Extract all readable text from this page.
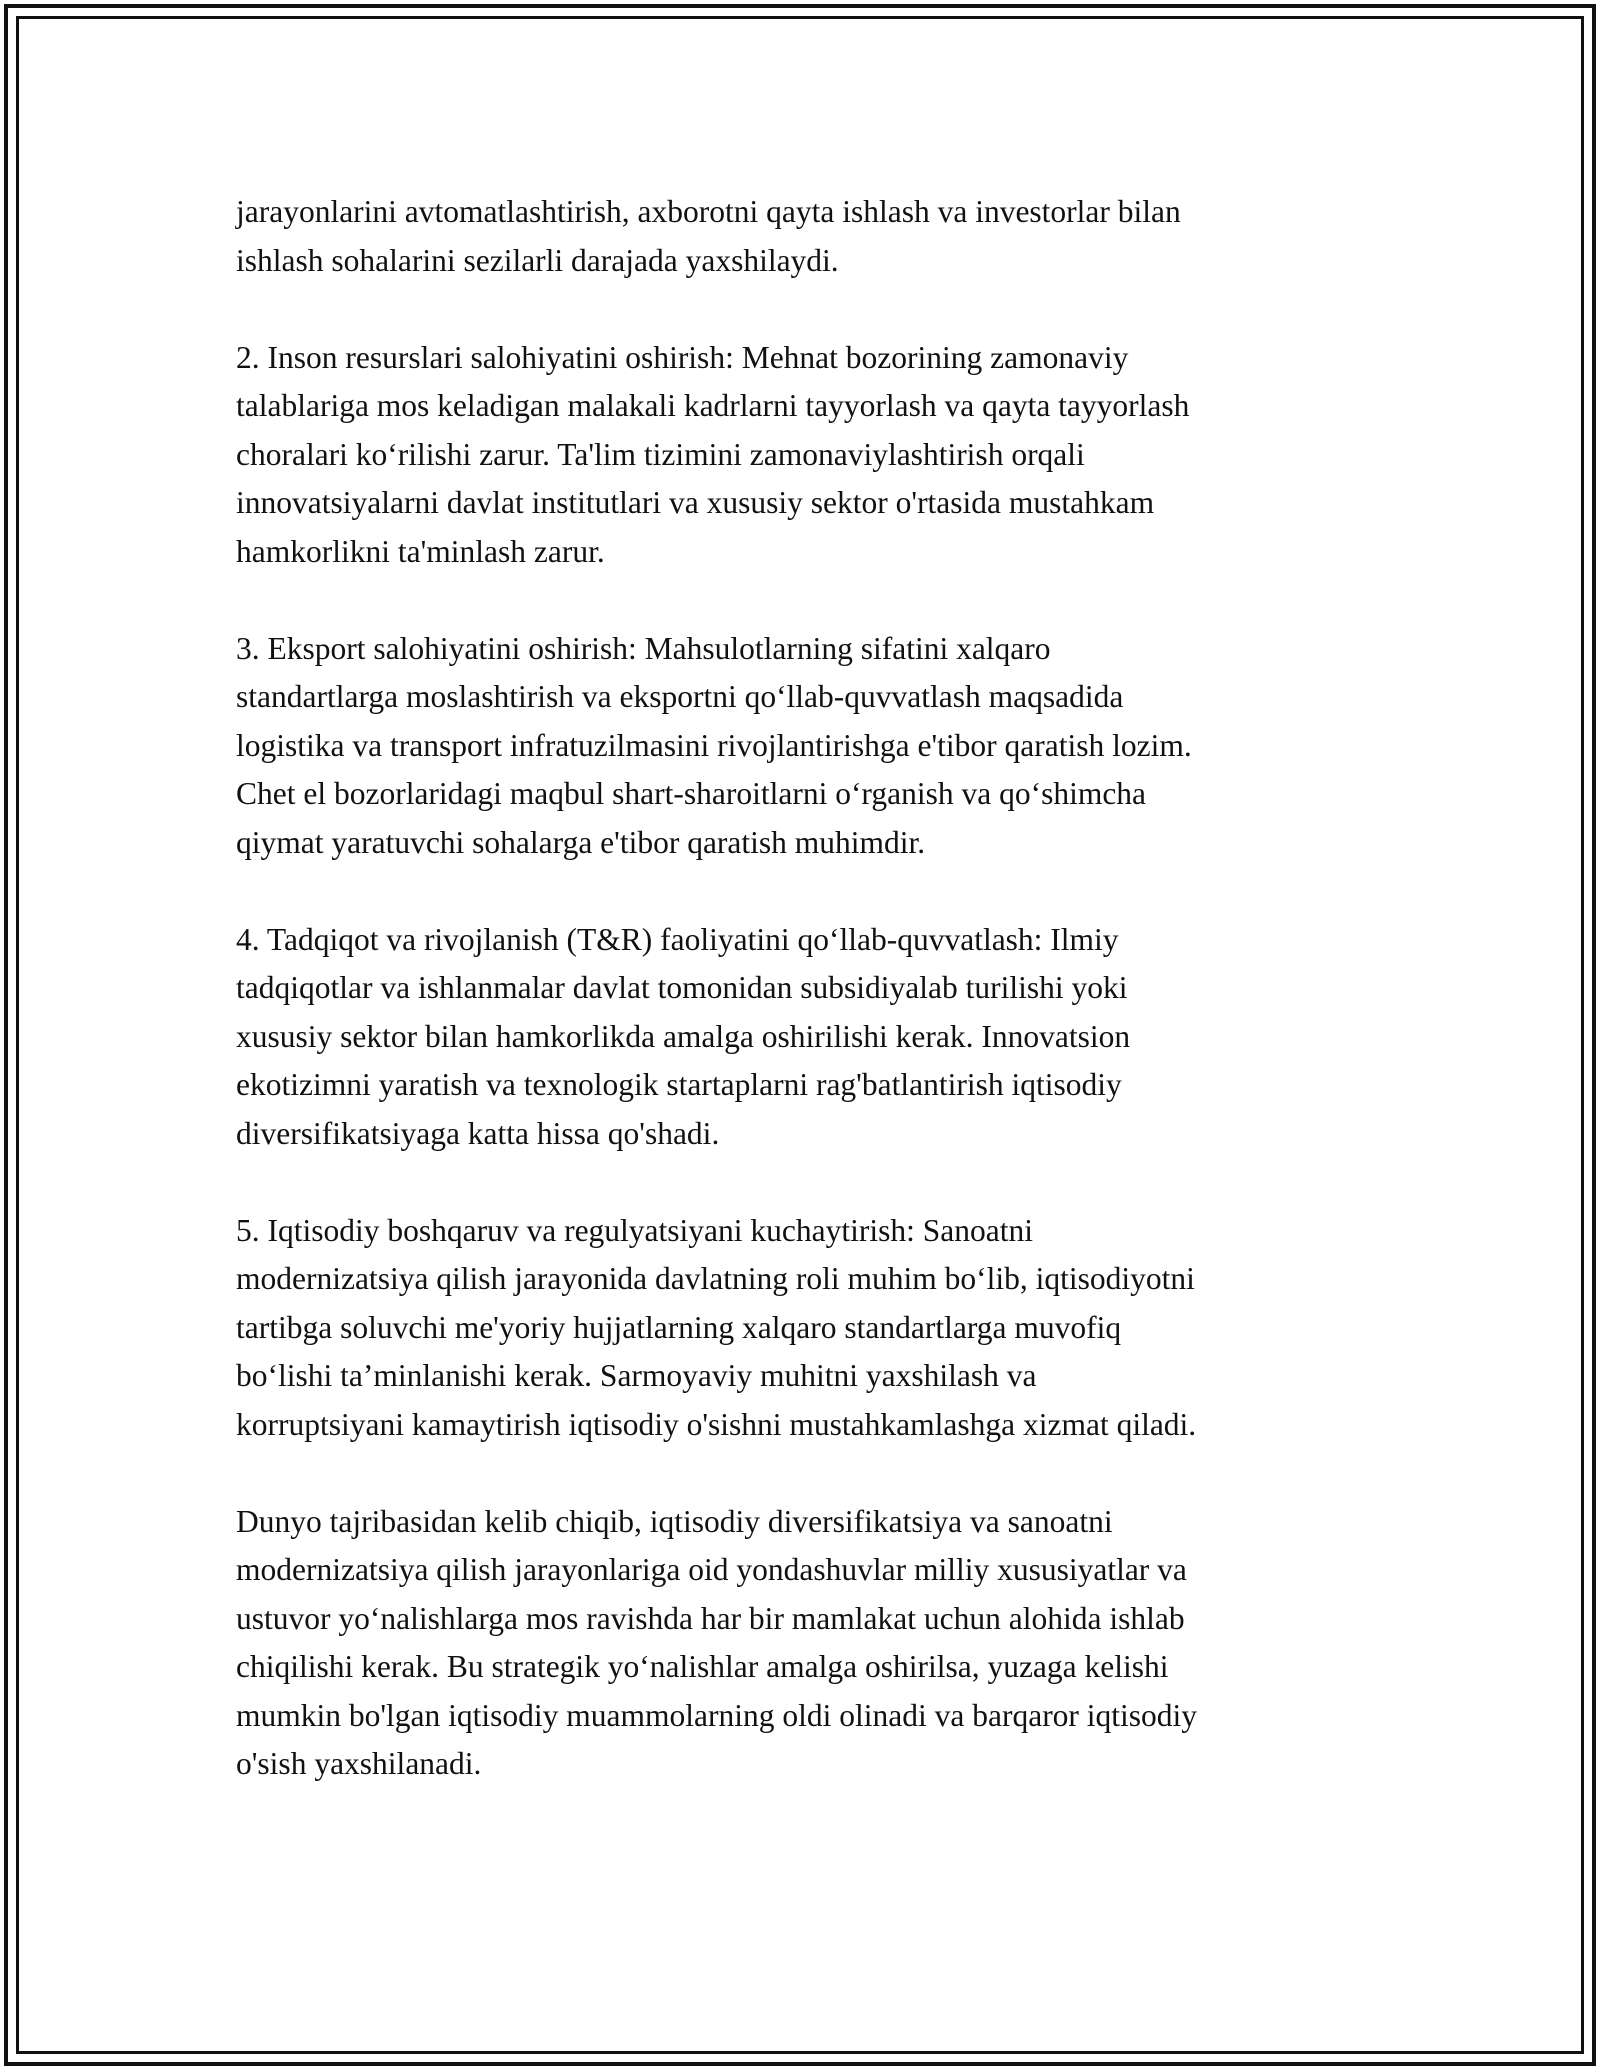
jarayonlarini avtomatlashtirish, axborotni qayta ishlash va investorlar bilan
ishlash sohalarini sezilarli darajada yaxshilaydi.

2. Inson resurslari salohiyatini oshirish: Mehnat bozorining zamonaviy
talablariga mos keladigan malakali kadrlarni tayyorlash va qayta tayyorlash
choralari ko‘rilishi zarur. Ta'lim tizimini zamonaviylashtirish orqali
innovatsiyalarni davlat institutlari va xususiy sektor o'rtasida mustahkam
hamkorlikni ta'minlash zarur.

3. Eksport salohiyatini oshirish: Mahsulotlarning sifatini xalqaro
standartlarga moslashtirish va eksportni qo‘llab-quvvatlash maqsadida
logistika va transport infratuzilmasini rivojlantirishga e'tibor qaratish lozim.
Chet el bozorlaridagi maqbul shart-sharoitlarni o‘rganish va qo‘shimcha
qiymat yaratuvchi sohalarga e'tibor qaratish muhimdir.

4. Tadqiqot va rivojlanish (T&R) faoliyatini qo‘llab-quvvatlash: Ilmiy
tadqiqotlar va ishlanmalar davlat tomonidan subsidiyalab turilishi yoki
xususiy sektor bilan hamkorlikda amalga oshirilishi kerak. Innovatsion
ekotizimni yaratish va texnologik startaplarni rag'batlantirish iqtisodiy
diversifikatsiyaga katta hissa qo'shadi.

5. Iqtisodiy boshqaruv va regulyatsiyani kuchaytirish: Sanoatni
modernizatsiya qilish jarayonida davlatning roli muhim bo‘lib, iqtisodiyotni
tartibga soluvchi me'yoriy hujjatlarning xalqaro standartlarga muvofiq
bo‘lishi ta’minlanishi kerak. Sarmoyaviy muhitni yaxshilash va
korruptsiyani kamaytirish iqtisodiy o'sishni mustahkamlashga xizmat qiladi.

Dunyo tajribasidan kelib chiqib, iqtisodiy diversifikatsiya va sanoatni
modernizatsiya qilish jarayonlariga oid yondashuvlar milliy xususiyatlar va
ustuvor yo‘nalishlarga mos ravishda har bir mamlakat uchun alohida ishlab
chiqilishi kerak. Bu strategik yo‘nalishlar amalga oshirilsa, yuzaga kelishi
mumkin bo'lgan iqtisodiy muammolarning oldi olinadi va barqaror iqtisodiy
o'sish yaxshilanadi.
